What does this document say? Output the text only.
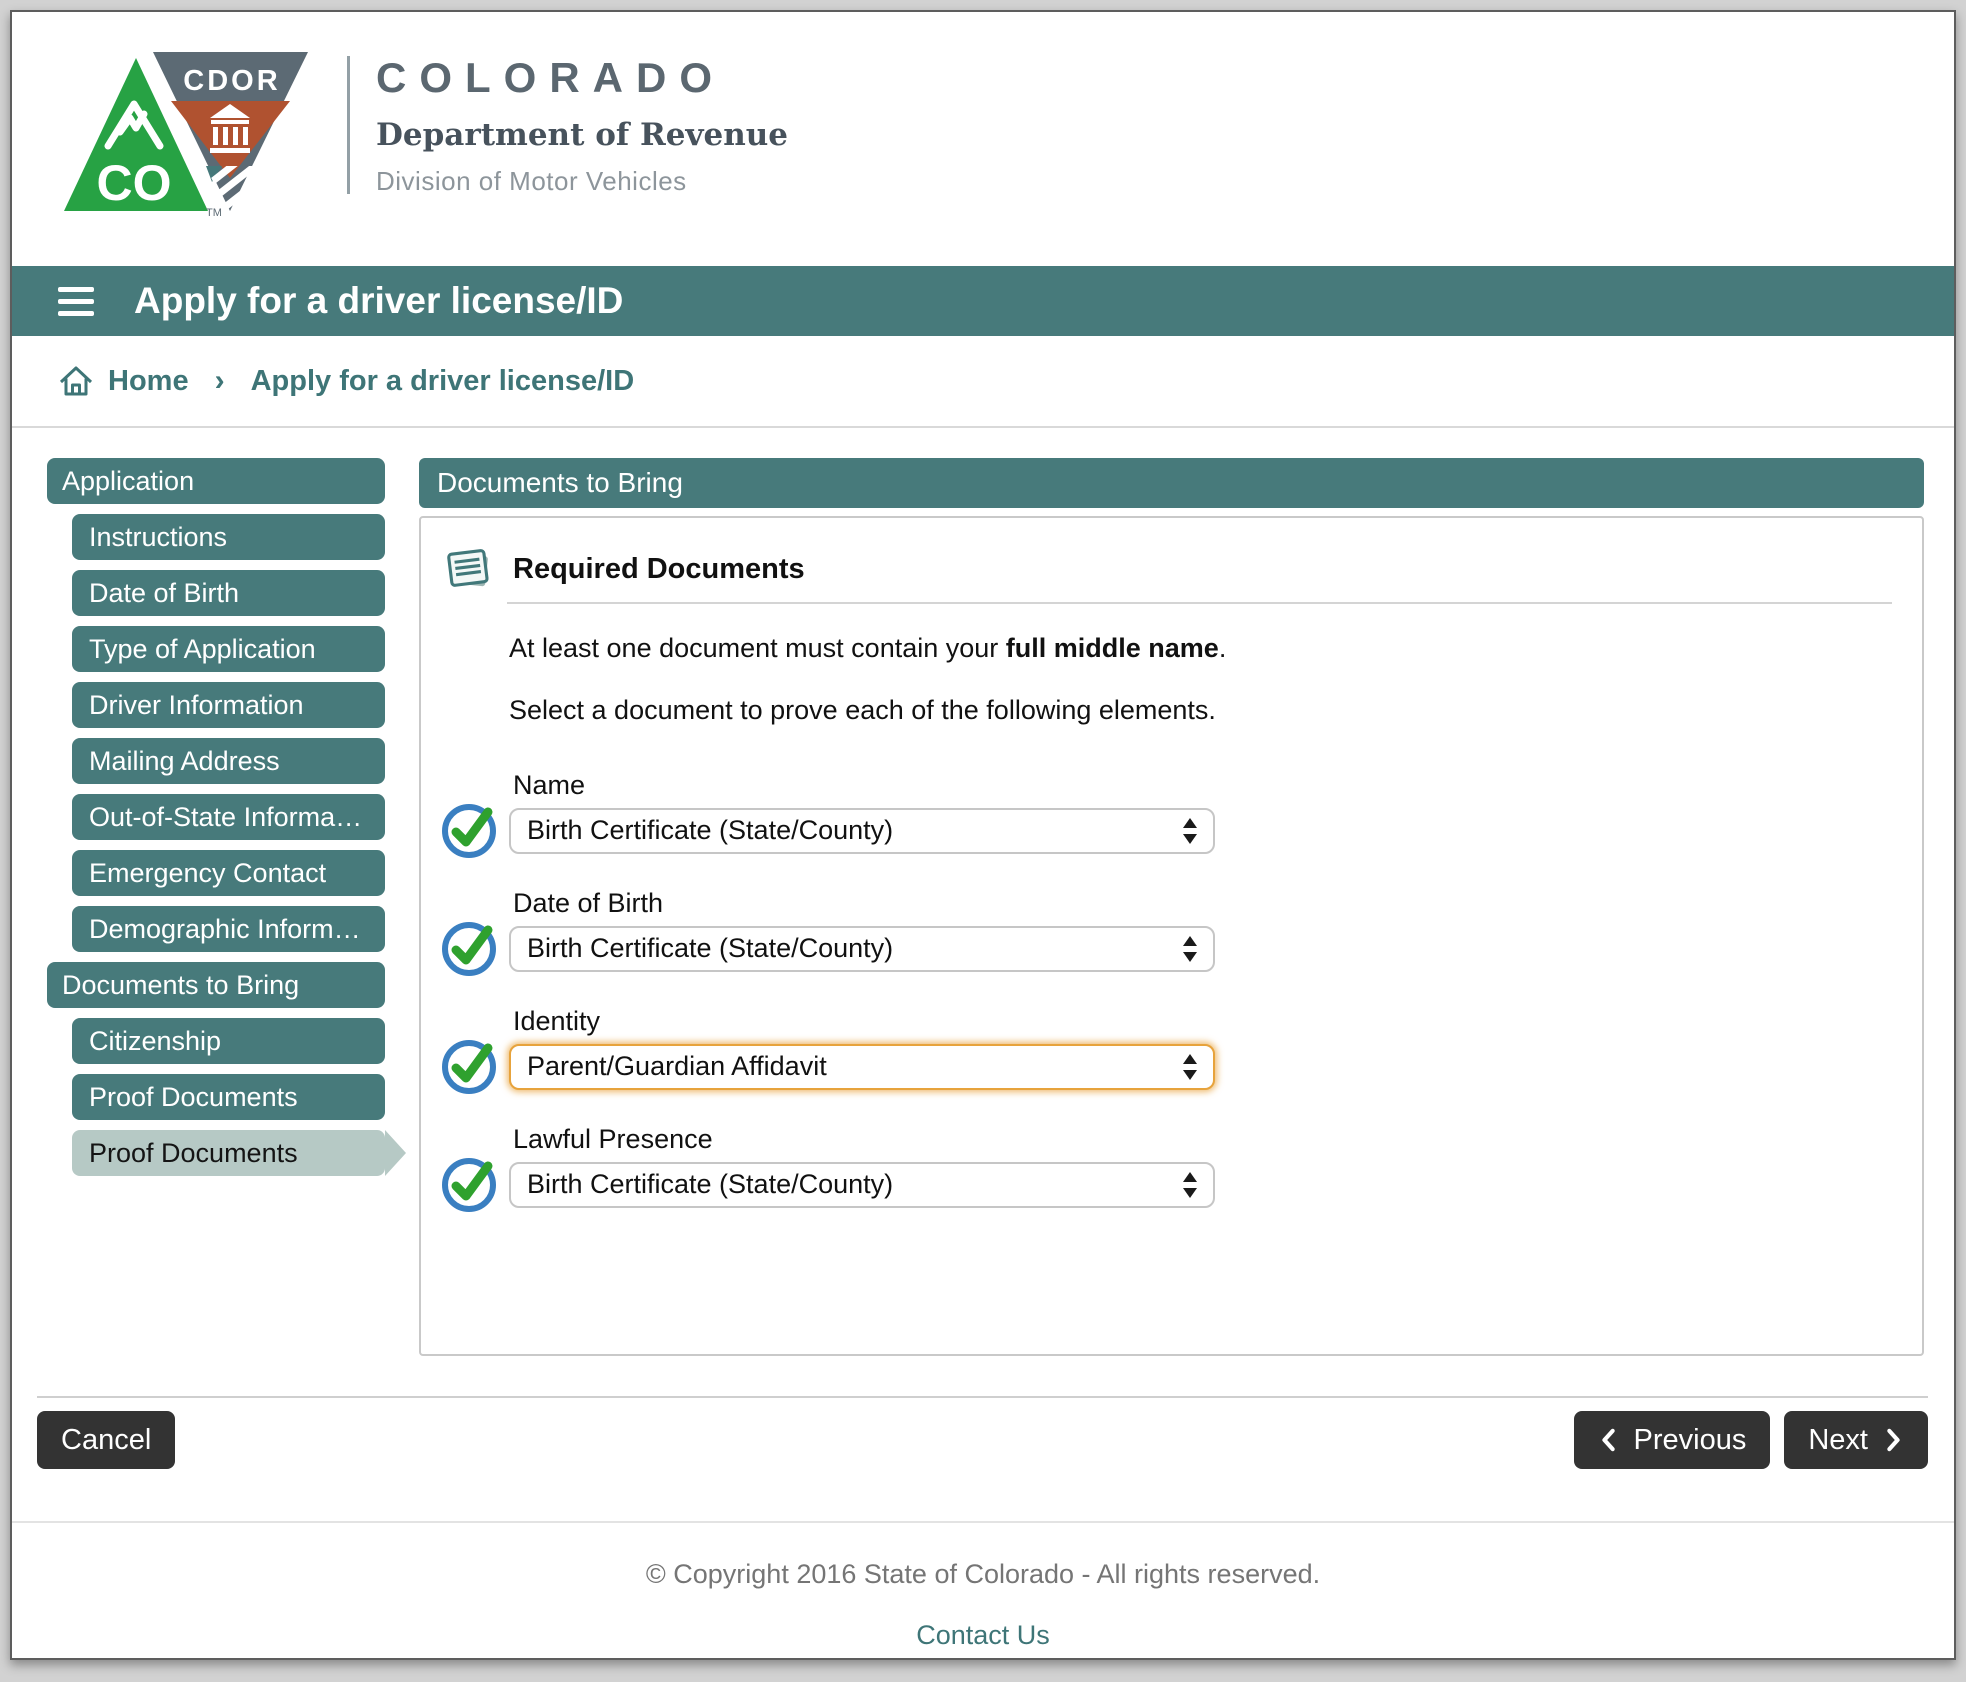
CDOR
CO
TM
COLORADO
Department of Revenue
Division of Motor Vehicles
Apply for a driver license/ID
Home › Apply for a driver license/ID
Application
Instructions
Date of Birth
Type of Application
Driver Information
Mailing Address
Out-of-State Informa…
Emergency Contact
Demographic Inform…
Documents to Bring
Citizenship
Proof Documents
Proof Documents
Documents to Bring
Required Documents

At least one document must contain your full middle name.

Select a document to prove each of the following elements.

Name
Birth Certificate (State/County)
Date of Birth
Birth Certificate (State/County)
Identity
Parent/Guardian Affidavit
Lawful Presence
Birth Certificate (State/County)
Cancel	Previous Next
© Copyright 2016 State of Colorado - All rights reserved.
Contact Us
